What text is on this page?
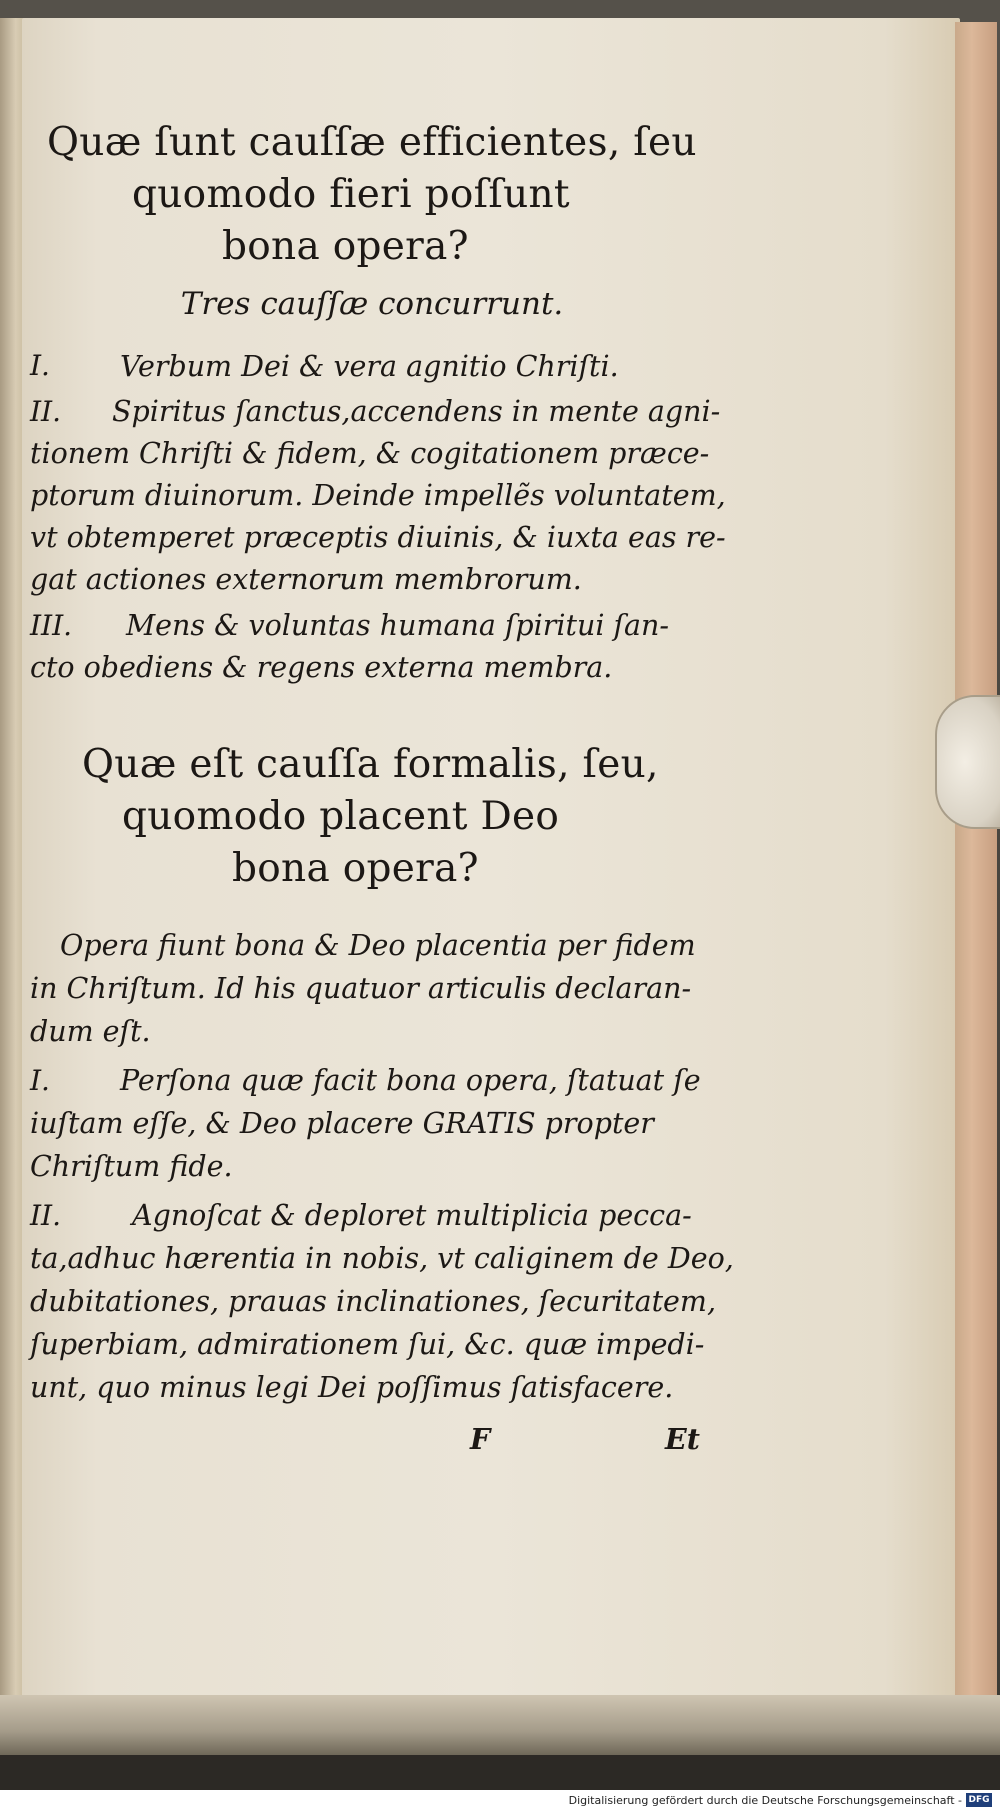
Quæ ſunt cauſſæ efficientes, ſeu
quomodo fieri poſſunt
bona opera?
Tres cauſſæ concurrunt.
I. Verbum Dei & vera agnitio Chriſti.
II. Spiritus ſanctus,accendens in mente agni-
tionem Chriſti & fidem, & cogitationem præce-
ptorum diuinorum. Deinde impellẽs voluntatem,
vt obtemperet præceptis diuinis, & iuxta eas re-
gat actiones externorum membrorum.
III. Mens & voluntas humana ſpiritui ſan-
cto obediens & regens externa membra.
Quæ eſt cauſſa formalis, ſeu,
quomodo placent Deo
bona opera?
Opera fiunt bona & Deo placentia per fidem
in Chriſtum. Id his quatuor articulis declaran-
dum eſt.
I. Perſona quæ facit bona opera, ſtatuat ſe
iuſtam eſſe, & Deo placere GRATIS propter
Chriſtum fide.
II. Agnoſcat & deploret multiplicia pecca-
ta,adhuc hærentia in nobis, vt caliginem de Deo,
dubitationes, prauas inclinationes, ſecuritatem,
ſuperbiam, admirationem ſui, &c. quæ impedi-
unt, quo minus legi Dei poſſimus ſatisfacere.
F	Et
Digitalisierung gefördert durch die Deutsche Forschungsgemeinschaft - DFG
